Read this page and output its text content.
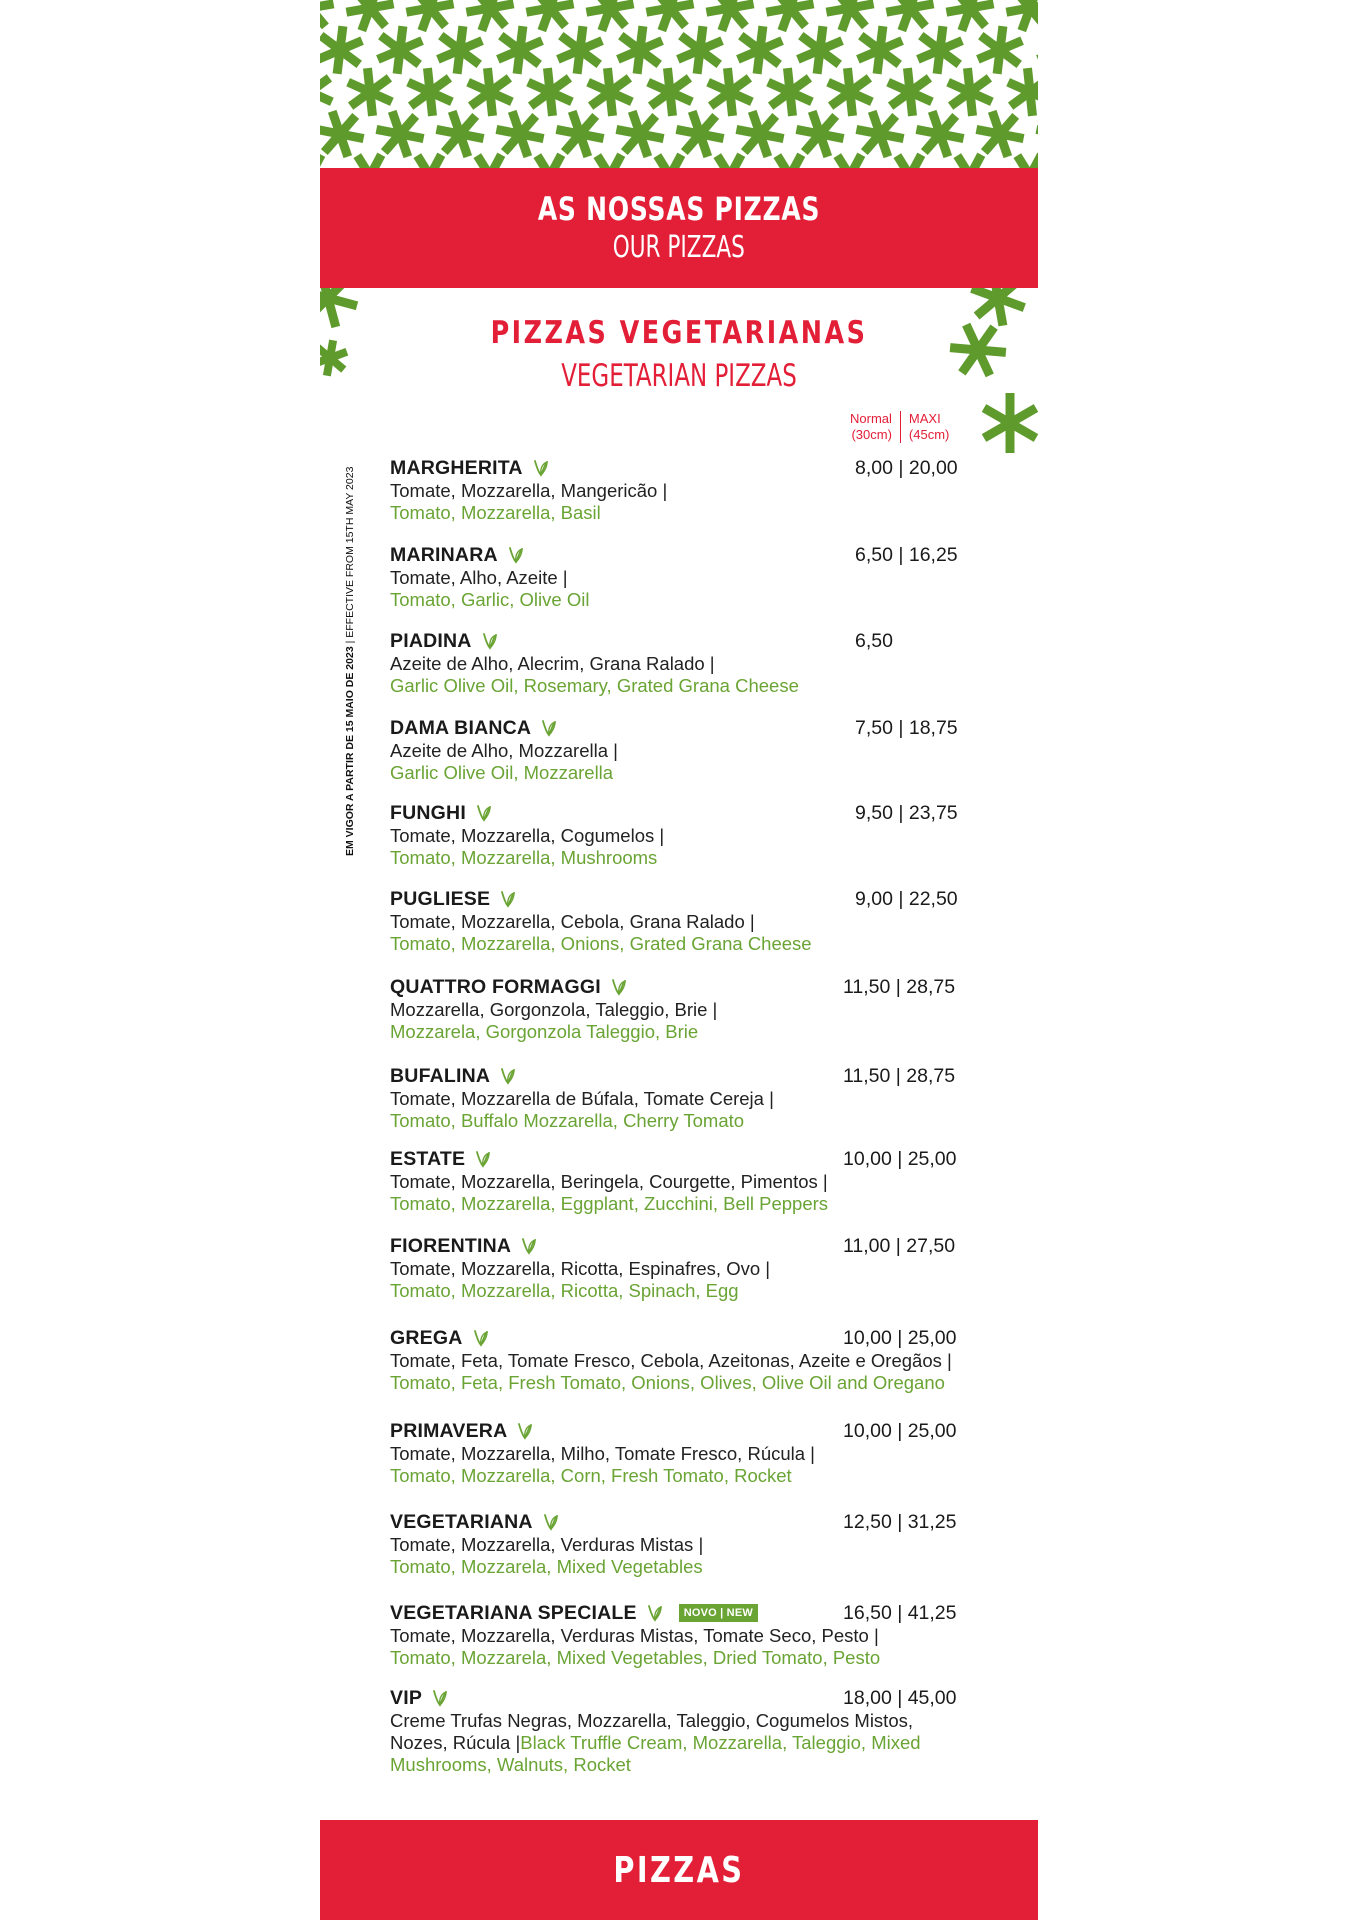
AS NOSSAS PIZZAS
OUR PIZZAS
PIZZAS VEGETARIANAS
VEGETARIAN PIZZAS
Normal
(30cm)
MAXI
(45cm)
EM VIGOR A PARTIR DE 15 MAIO DE 2023 | EFFECTIVE FROM 15TH MAY 2023 MARGHERITA	8,00 | 20,00
Tomate, Mozzarella, Mangericão |
Tomato, Mozzarella, Basil
MARINARA	6,50 | 16,25
Tomate, Alho, Azeite |
Tomato, Garlic, Olive Oil
PIADINA	6,50
Azeite de Alho, Alecrim, Grana Ralado |
Garlic Olive Oil, Rosemary, Grated Grana Cheese
DAMA BIANCA	7,50 | 18,75
Azeite de Alho, Mozzarella |
Garlic Olive Oil, Mozzarella
FUNGHI	9,50 | 23,75
Tomate, Mozzarella, Cogumelos |
Tomato, Mozzarella, Mushrooms
PUGLIESE	9,00 | 22,50
Tomate, Mozzarella, Cebola, Grana Ralado |
Tomato, Mozzarella, Onions, Grated Grana Cheese
QUATTRO FORMAGGI	11,50 | 28,75
Mozzarella, Gorgonzola, Taleggio, Brie |
Mozzarela, Gorgonzola Taleggio, Brie
BUFALINA	11,50 | 28,75
Tomate, Mozzarella de Búfala, Tomate Cereja |
Tomato, Buffalo Mozzarella, Cherry Tomato
ESTATE	10,00 | 25,00
Tomate, Mozzarella, Beringela, Courgette, Pimentos |
Tomato, Mozzarella, Eggplant, Zucchini, Bell Peppers
FIORENTINA	11,00 | 27,50
Tomate, Mozzarella, Ricotta, Espinafres, Ovo |
Tomato, Mozzarella, Ricotta, Spinach, Egg
GREGA	10,00 | 25,00
Tomate, Feta, Tomate Fresco, Cebola, Azeitonas, Azeite e Oregãos |
Tomato, Feta, Fresh Tomato, Onions, Olives, Olive Oil and Oregano
PRIMAVERA	10,00 | 25,00
Tomate, Mozzarella, Milho, Tomate Fresco, Rúcula |
Tomato, Mozzarella, Corn, Fresh Tomato, Rocket
VEGETARIANA	12,50 | 31,25
Tomate, Mozzarella, Verduras Mistas |
Tomato, Mozzarela, Mixed Vegetables
VEGETARIANA SPECIALE	NOVO | NEW	16,50 | 41,25
Tomate, Mozzarella, Verduras Mistas, Tomate Seco, Pesto |
Tomato, Mozzarela, Mixed Vegetables, Dried Tomato, Pesto
VIP	18,00 | 45,00
Creme Trufas Negras, Mozzarella, Taleggio, Cogumelos Mistos,
Nozes, Rúcula |Black Truffle Cream, Mozzarella, Taleggio, Mixed
Mushrooms, Walnuts, Rocket
PIZZAS
